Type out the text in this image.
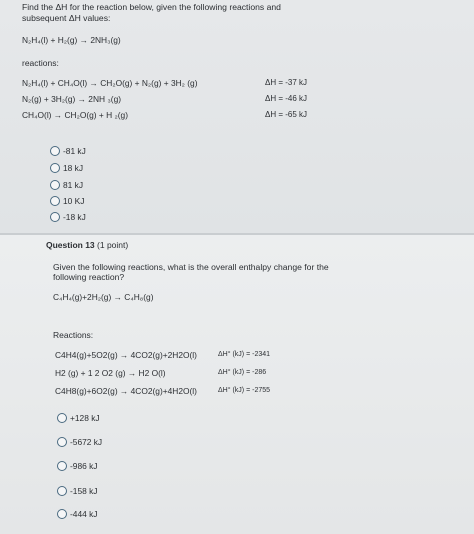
Find the ΔH for the reaction below, given the following reactions and
subsequent ΔH values:
N₂H₄(l) + H₂(g) → 2NH₃(g)
reactions:
N₂H₄(l) + CH₄O(l) → CH₂O(g) + N₂(g) + 3H₂ (g)	ΔH = -37 kJ
N₂(g) + 3H₂(g) → 2NH ₃(g)	ΔH = -46 kJ
CH₄O(l) → CH₂O(g) + H ₂(g)	ΔH = -65 kJ
-81 kJ
18 kJ
81 kJ
10 KJ
-18 kJ
Question 13 (1 point)
Given the following reactions, what is the overall enthalpy change for the
following reaction?
C₄H₄(g)+2H₂(g) → C₄H₈(g)
Reactions:
C4H4(g)+5O2(g) → 4CO2(g)+2H2O(l)	ΔH° (kJ) = -2341
H2 (g) + 1 2 O2 (g) → H2 O(l)	ΔH° (kJ) = -286
C4H8(g)+6O2(g) → 4CO2(g)+4H2O(l)	ΔH° (kJ) = -2755
+128 kJ
-5672 kJ
-986 kJ
-158 kJ
-444 kJ
